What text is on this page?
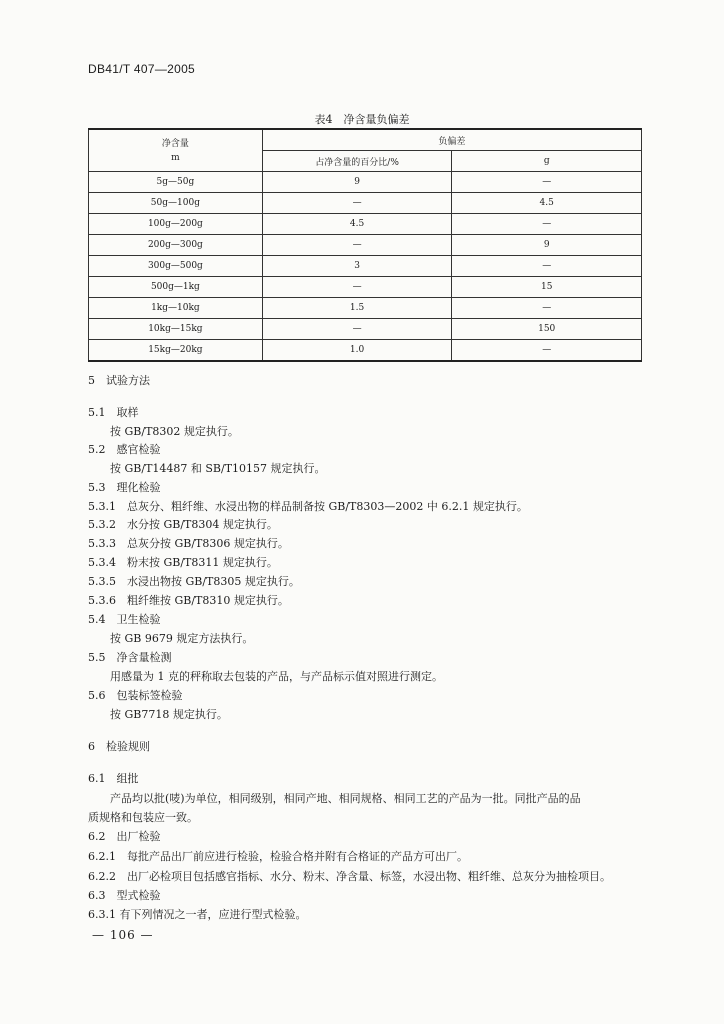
DB41/T 407—2005
表4　净含量负偏差
净含量
m	负偏差	
	占净含量的百分比/%	g
5g—50g	9	—
50g—100g	—	4.5
100g—200g	4.5	—
200g—300g	—	9
300g—500g	3	—
500g—1kg	—	15
1kg—10kg	1.5	—
10kg—15kg	—	150
15kg—20kg	1.0	—
5　试验方法
5.1　取样
按 GB/T8302 规定执行。
5.2　感官检验
按 GB/T14487 和 SB/T10157 规定执行。
5.3　理化检验
5.3.1　总灰分、粗纤维、水浸出物的样品制备按 GB/T8303—2002 中 6.2.1 规定执行。
5.3.2　水分按 GB/T8304 规定执行。
5.3.3　总灰分按 GB/T8306 规定执行。
5.3.4　粉末按 GB/T8311 规定执行。
5.3.5　水浸出物按 GB/T8305 规定执行。
5.3.6　粗纤维按 GB/T8310 规定执行。
5.4　卫生检验
按 GB 9679 规定方法执行。
5.5　净含量检测
用感量为 1 克的秤称取去包装的产品，与产品标示值对照进行测定。
5.6　包装标签检验
按 GB7718 规定执行。
6　检验规则
6.1　组批
产品均以批(唛)为单位，相同级别，相同产地、相同规格、相同工艺的产品为一批。同批产品的品
质规格和包装应一致。
6.2　出厂检验
6.2.1　每批产品出厂前应进行检验，检验合格并附有合格证的产品方可出厂。
6.2.2　出厂必检项目包括感官指标、水分、粉末、净含量、标签，水浸出物、粗纤维、总灰分为抽检项目。
6.3　型式检验
6.3.1 有下列情况之一者，应进行型式检验。
— 106 —
